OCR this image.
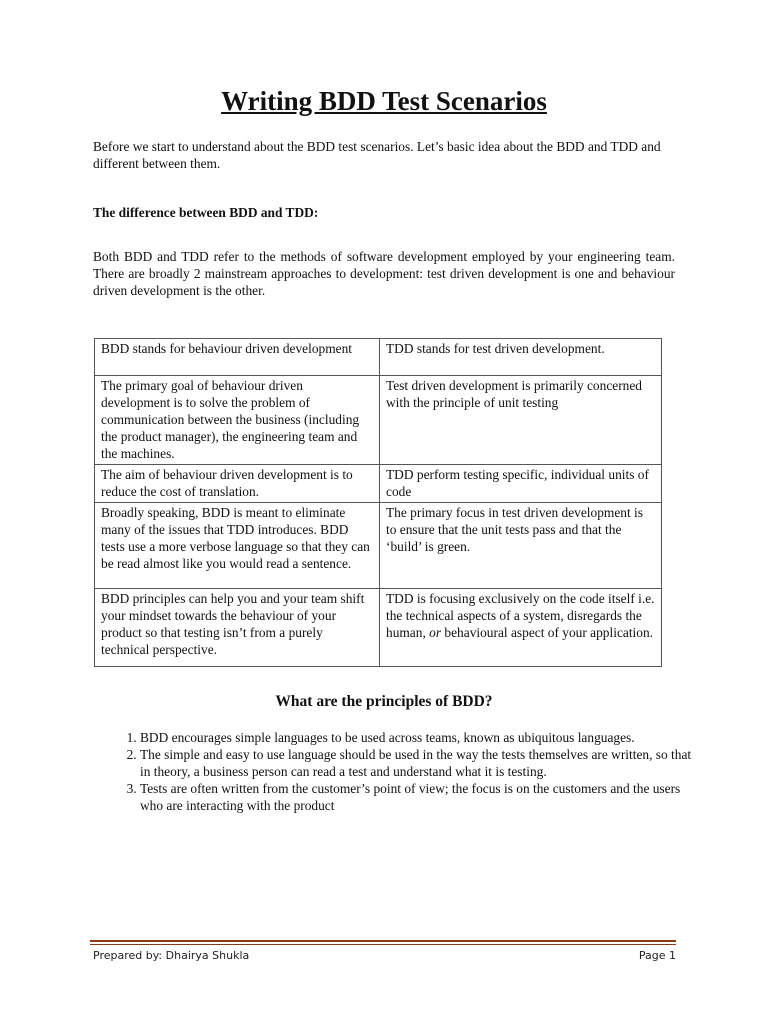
Writing BDD Test Scenarios

Before we start to understand about the BDD test scenarios. Let’s basic idea about the BDD and TDD and different between them.

The difference between BDD and TDD:

Both BDD and TDD refer to the methods of software development employed by your engineering team. There are broadly 2 mainstream approaches to development: test driven development is one and behaviour driven development is the other.

BDD stands for behaviour driven development	TDD stands for test driven development.
The primary goal of behaviour driven development is to solve the problem of communication between the business (including the product manager), the engineering team and the machines.	Test driven development is primarily concerned with the principle of unit testing
The aim of behaviour driven development is to reduce the cost of translation.	TDD perform testing specific, individual units of code
Broadly speaking, BDD is meant to eliminate many of the issues that TDD introduces. BDD tests use a more verbose language so that they can be read almost like you would read a sentence.	The primary focus in test driven development is to ensure that the unit tests pass and that the ‘build’ is green.
BDD principles can help you and your team shift your mindset towards the behaviour of your product so that testing isn’t from a purely technical perspective.	TDD is focusing exclusively on the code itself i.e. the technical aspects of a system, disregards the human, or behavioural aspect of your application.
What are the principles of BDD?
1. BDD encourages simple languages to be used across teams, known as ubiquitous languages.
2. The simple and easy to use language should be used in the way the tests themselves are written, so that in theory, a business person can read a test and understand what it is testing.
3. Tests are often written from the customer’s point of view; the focus is on the customers and the users who are interacting with the product
Prepared by: Dhairya Shukla	Page 1
